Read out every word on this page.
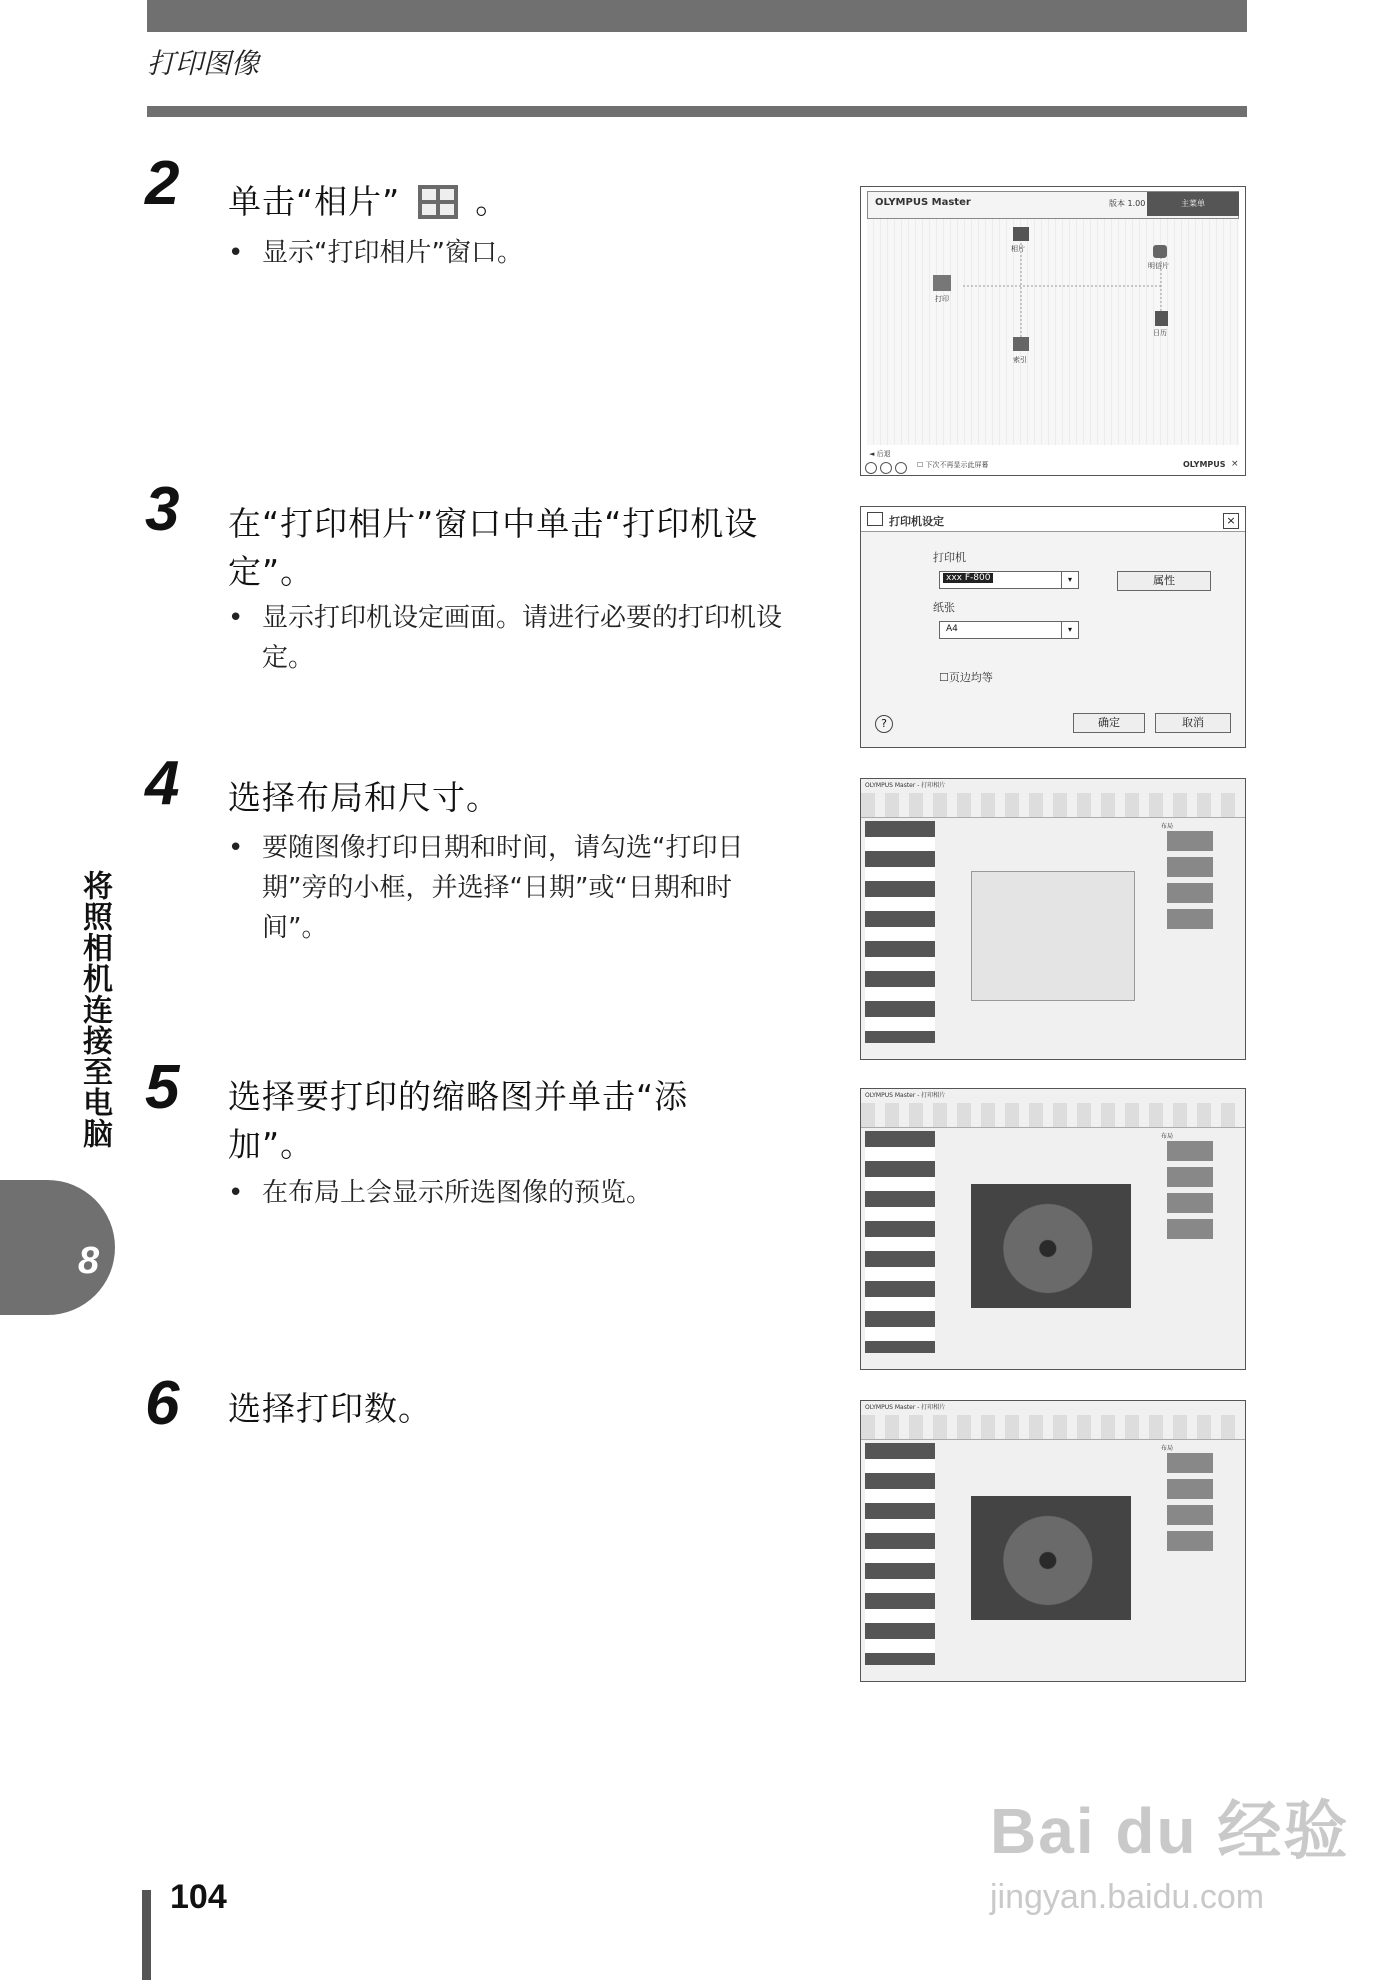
打印图像
将照相机连接至电脑
8
2 单击“相片” 。
• 显示“打印相片”窗口。
3 在“打印相片”窗口中单击“打印机设定”。
• 显示打印机设定画面。请进行必要的打印机设定。
4 选择布局和尺寸。
• 要随图像打印日期和时间，请勾选“打印日期”旁的小框，并选择“日期”或“日期和时间”。
5 选择要打印的缩略图并单击“添加”。
• 在布局上会显示所选图像的预览。
6 选择打印数。
OLYMPUS Master	版本 1.00	主菜单
相片
明信片
打印
日历
索引
◄ 后退
☐ 下次不再显示此屏幕	OLYMPUS ×
打印机设定	×
打印机
xxx F-800	▾	属性
纸张
A4	▾
☐页边均等
?	确定	取消
OLYMPUS Master - 打印相片
布局
OLYMPUS Master - 打印相片
布局
OLYMPUS Master - 打印相片
布局
Bai du 经验
jingyan.baidu.com
104
